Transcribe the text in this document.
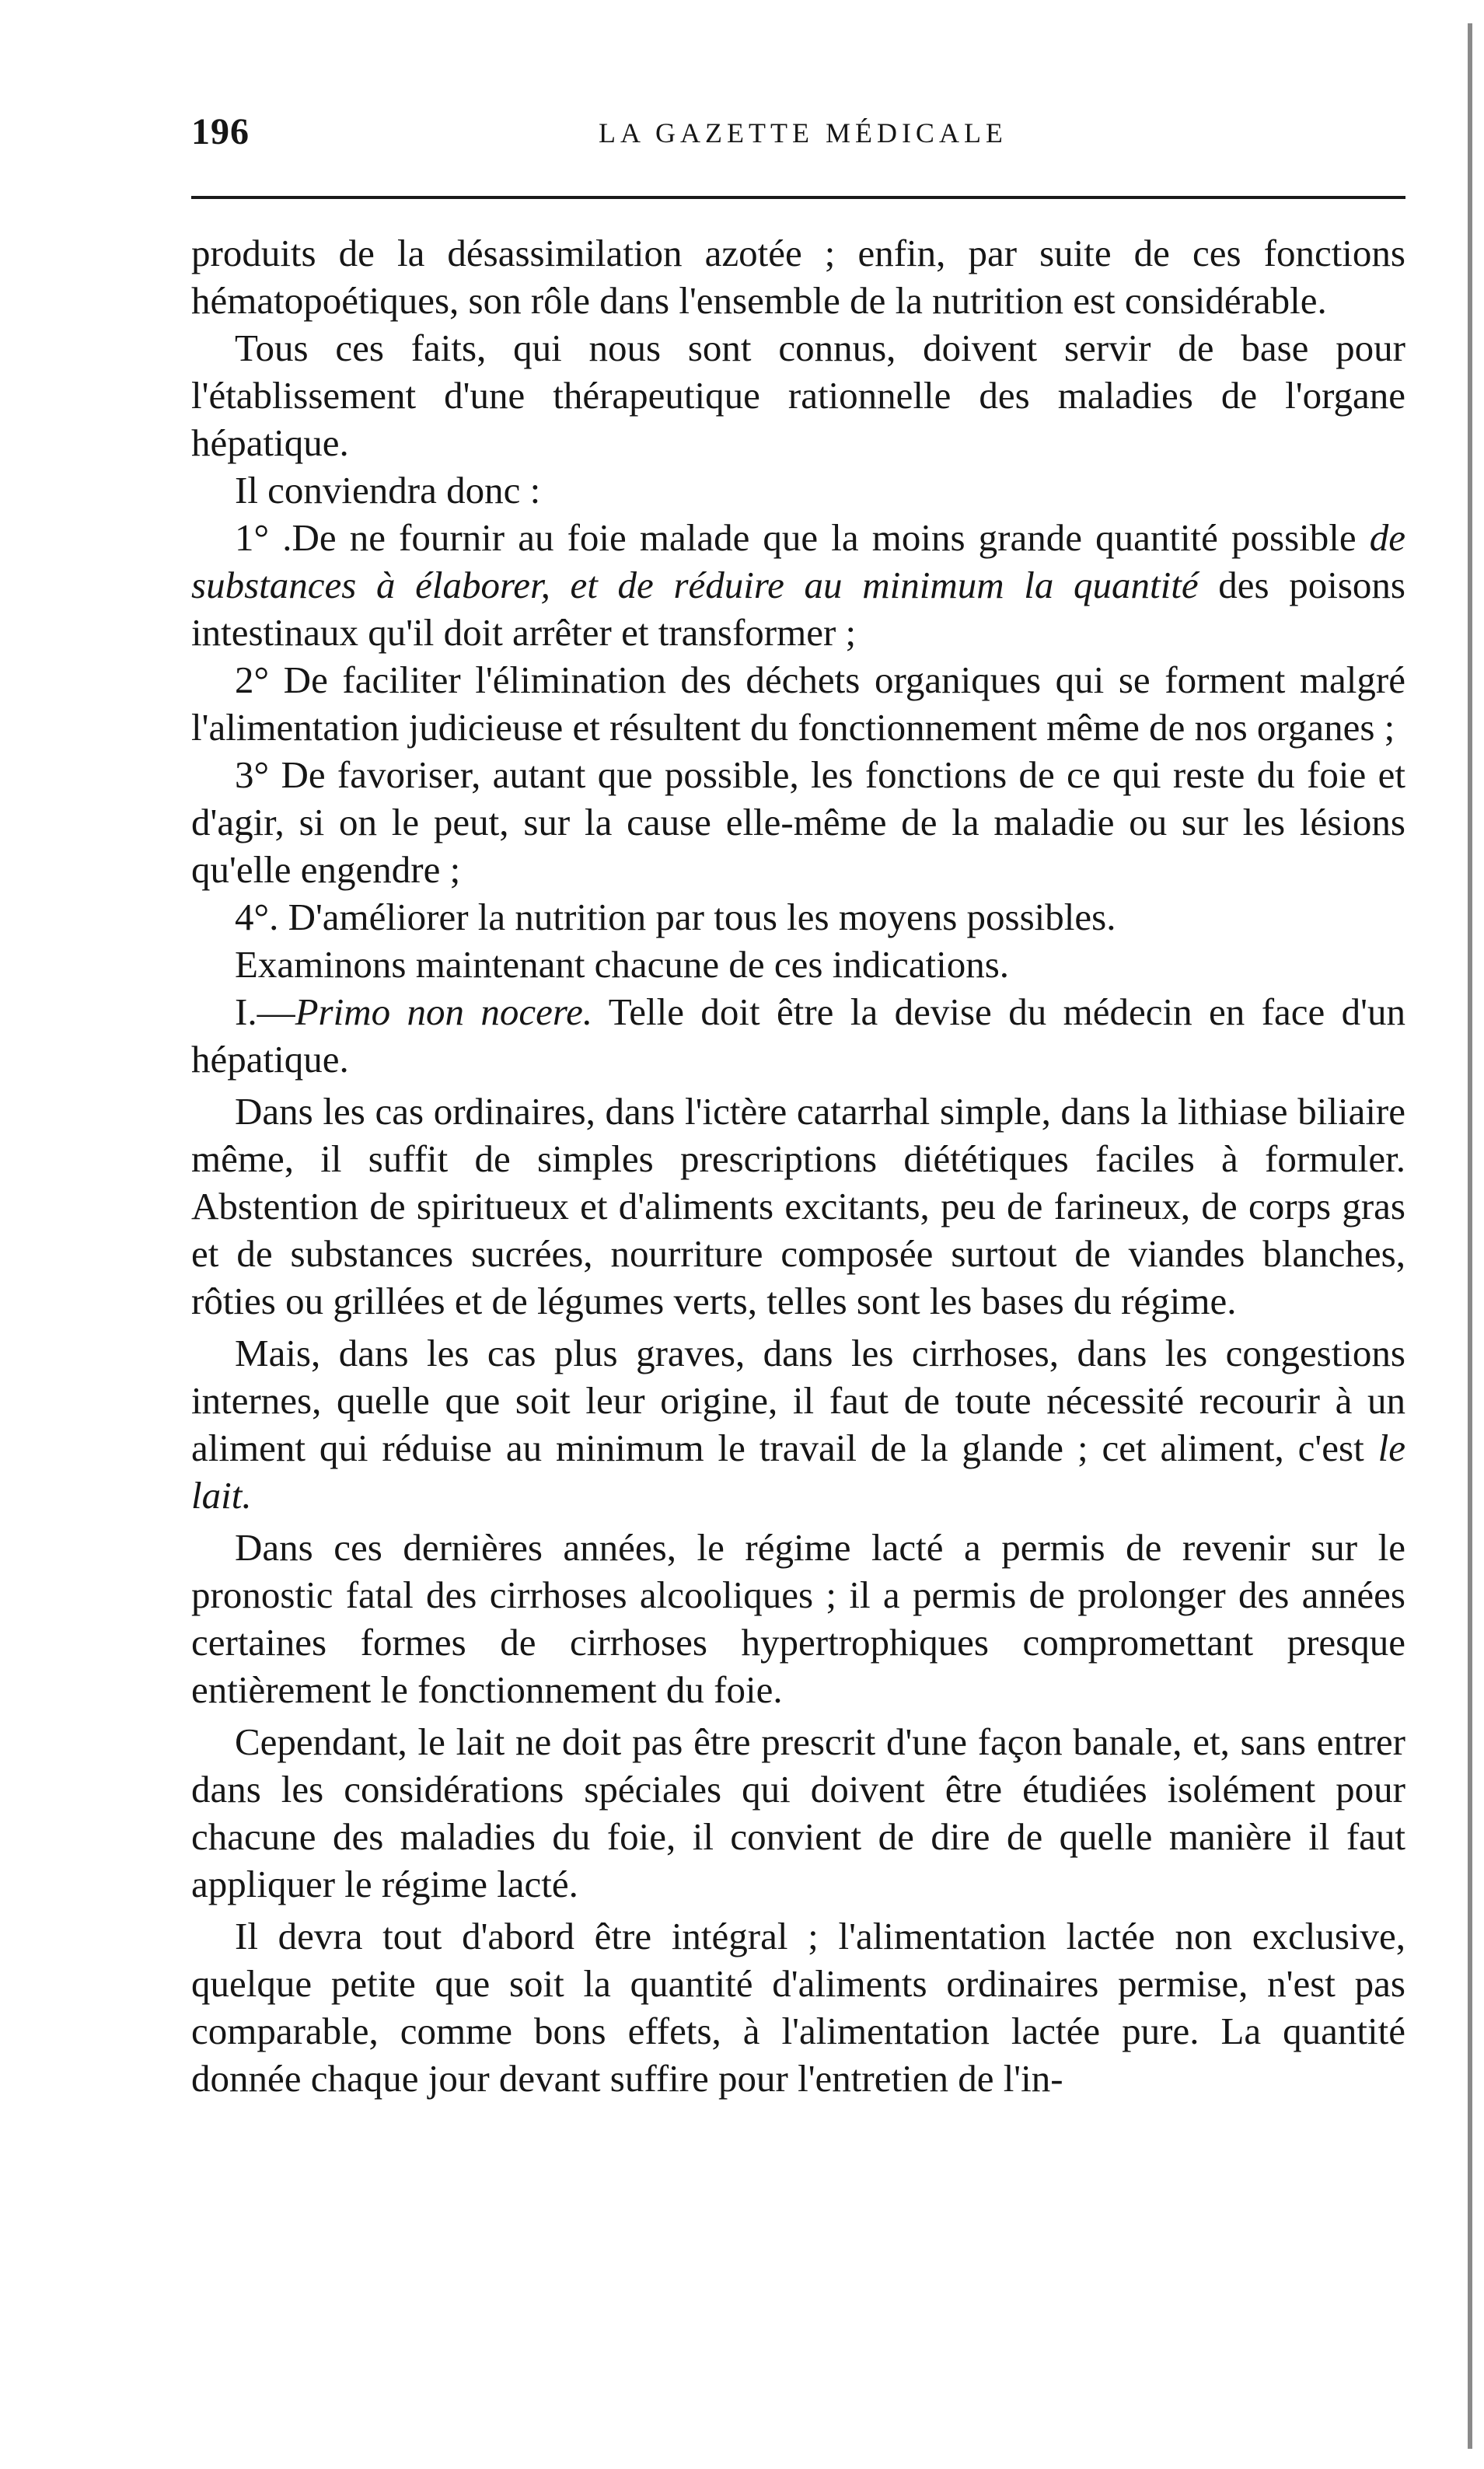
196	LA GAZETTE MÉDICALE

produits de la désassimilation azotée ; enfin, par suite de ces fonctions hématopoétiques, son rôle dans l'ensemble de la nutrition est considérable.

Tous ces faits, qui nous sont connus, doivent servir de base pour l'établissement d'une thérapeutique rationnelle des maladies de l'organe hépatique.

Il conviendra donc :

1° .De ne fournir au foie malade que la moins grande quantité possible de substances à élaborer, et de réduire au minimum la quantité des poisons intestinaux qu'il doit arrêter et transformer ;

2° De faciliter l'élimination des déchets organiques qui se forment malgré l'alimentation judicieuse et résultent du fonctionnement même de nos organes ;

3° De favoriser, autant que possible, les fonctions de ce qui reste du foie et d'agir, si on le peut, sur la cause elle-même de la maladie ou sur les lésions qu'elle engendre ;

4°. D'améliorer la nutrition par tous les moyens possibles.

Examinons maintenant chacune de ces indications.

I.—Primo non nocere. Telle doit être la devise du médecin en face d'un hépatique.

Dans les cas ordinaires, dans l'ictère catarrhal simple, dans la lithiase biliaire même, il suffit de simples prescriptions diététiques faciles à formuler. Abstention de spiritueux et d'aliments excitants, peu de farineux, de corps gras et de substances sucrées, nourriture composée surtout de viandes blanches, rôties ou grillées et de légumes verts, telles sont les bases du régime.

Mais, dans les cas plus graves, dans les cirrhoses, dans les congestions internes, quelle que soit leur origine, il faut de toute nécessité recourir à un aliment qui réduise au minimum le travail de la glande ; cet aliment, c'est le lait.

Dans ces dernières années, le régime lacté a permis de revenir sur le pronostic fatal des cirrhoses alcooliques ; il a permis de prolonger des années certaines formes de cirrhoses hypertrophiques compromettant presque entièrement le fonctionnement du foie.

Cependant, le lait ne doit pas être prescrit d'une façon banale, et, sans entrer dans les considérations spéciales qui doivent être étudiées isolément pour chacune des maladies du foie, il convient de dire de quelle manière il faut appliquer le régime lacté.

Il devra tout d'abord être intégral ; l'alimentation lactée non exclusive, quelque petite que soit la quantité d'aliments ordinaires permise, n'est pas comparable, comme bons effets, à l'alimentation lactée pure. La quantité donnée chaque jour devant suffire pour l'entretien de l'in-
